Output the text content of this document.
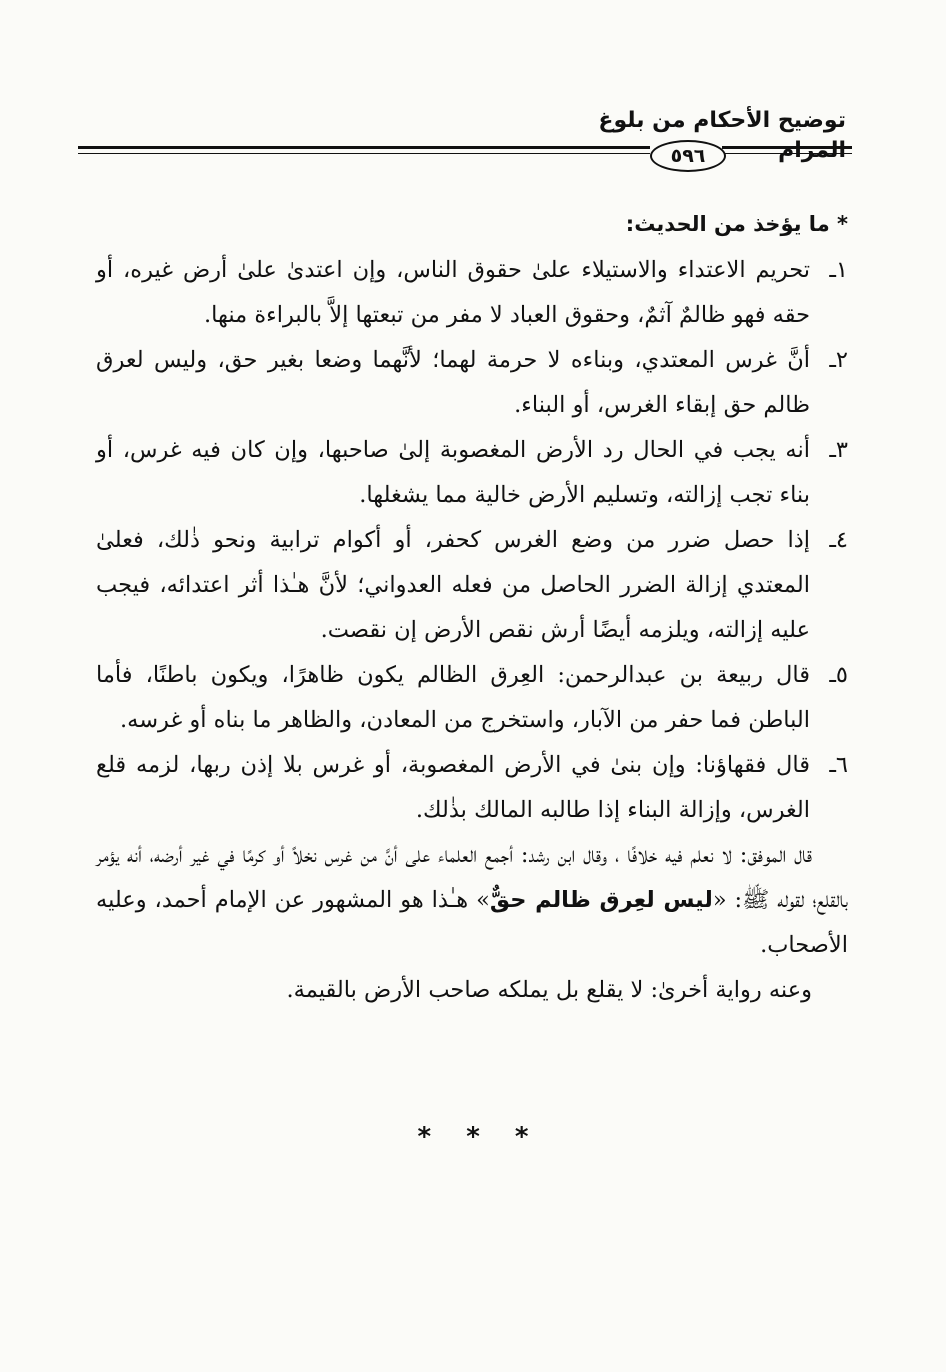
توضيح الأحكام من بلوغ المرام
٥٩٦

* ما يؤخذ من الحديث:

١ـ
تحريم الاعتداء والاستيلاء علىٰ حقوق الناس، وإن اعتدىٰ علىٰ أرض غيره، أو حقه فهو ظالمٌ آثمٌ، وحقوق العباد لا مفر من تبعتها إلاَّ بالبراءة منها.
٢ـ
أنَّ غرس المعتدي، وبناءه لا حرمة لهما؛ لأنَّهما وضعا بغير حق، وليس لعرق ظالم حق إبقاء الغرس، أو البناء.
٣ـ
أنه يجب في الحال رد الأرض المغصوبة إلىٰ صاحبها، وإن كان فيه غرس، أو بناء تجب إزالته، وتسليم الأرض خالية مما يشغلها.
٤ـ
إذا حصل ضرر من وضع الغرس كحفر، أو أكوام ترابية ونحو ذٰلك، فعلىٰ المعتدي إزالة الضرر الحاصل من فعله العدواني؛ لأنَّ هـٰذا أثر اعتدائه، فيجب عليه إزالته، ويلزمه أيضًا أرش نقص الأرض إن نقصت.
٥ـ
قال ربيعة بن عبدالرحمن: العِرق الظالم يكون ظاهرًا، ويكون باطنًا، فأما الباطن فما حفر من الآبار، واستخرج من المعادن، والظاهر ما بناه أو غرسه.
٦ـ
قال فقهاؤنا: وإن بنىٰ في الأرض المغصوبة، أو غرس بلا إذن ربها، لزمه قلع الغرس، وإزالة البناء إذا طالبه المالك بذٰلك.

قال الموفق: لا نعلم فيه خلافًا ، وقال ابن رشد: أجمع العلماء على أنَّ من غرس نخلاً أو كرمًا في غير أرضه، أنه يؤمر بالقلع؛ لقوله ﷺ: «ليس لعِرق ظالم حقٌّ» هـٰذا هو المشهور عن الإمام أحمد، وعليه الأصحاب.

وعنه رواية أخرىٰ: لا يقلع بل يملكه صاحب الأرض بالقيمة.

* * *
